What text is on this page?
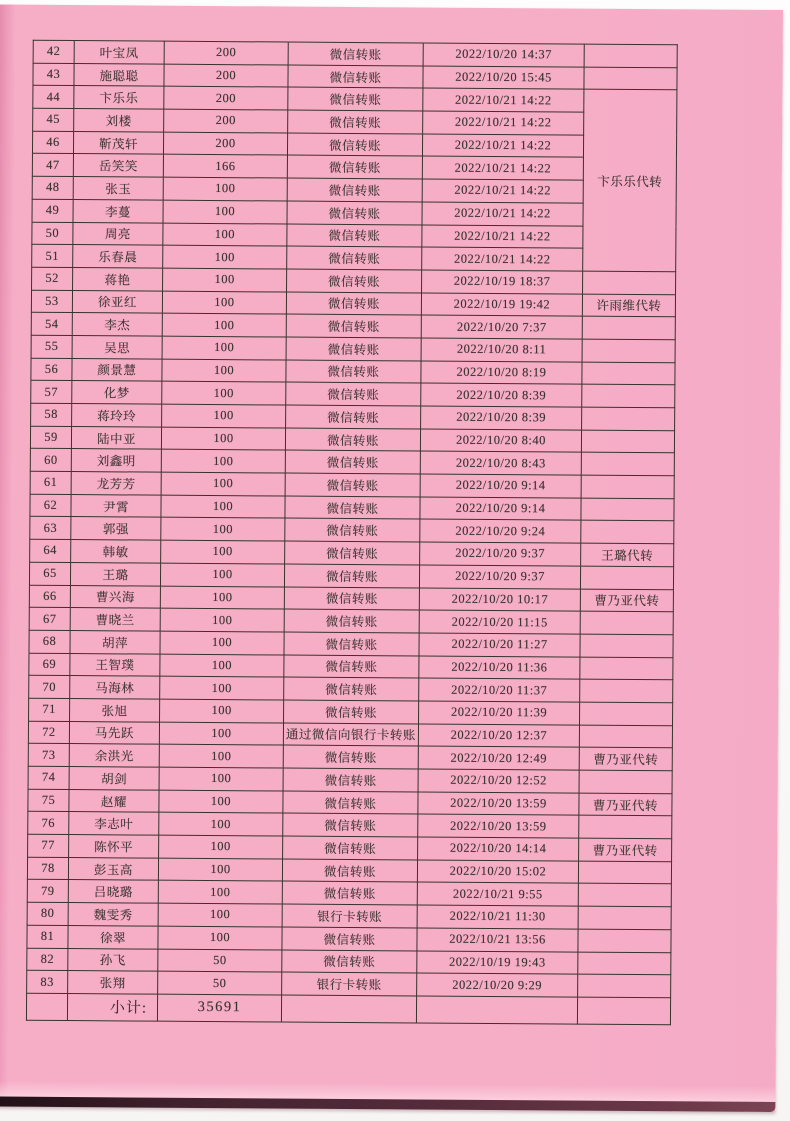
42	叶宝凤	200	微信转账	2022/10/20 14:37	
43	施聪聪	200	微信转账	2022/10/20 15:45	
44	卞乐乐	200	微信转账	2022/10/21 14:22	卞乐乐代转
45	刘楼	200	微信转账	2022/10/21 14:22	
46	靳茂轩	200	微信转账	2022/10/21 14:22	
47	岳笑笑	166	微信转账	2022/10/21 14:22	
48	张玉	100	微信转账	2022/10/21 14:22	
49	李蔓	100	微信转账	2022/10/21 14:22	
50	周亮	100	微信转账	2022/10/21 14:22	
51	乐春晨	100	微信转账	2022/10/21 14:22	
52	蒋艳	100	微信转账	2022/10/19 18:37	
53	徐亚红	100	微信转账	2022/10/19 19:42	许雨维代转
54	李杰	100	微信转账	2022/10/20 7:37	
55	吴思	100	微信转账	2022/10/20 8:11	
56	颜景慧	100	微信转账	2022/10/20 8:19	
57	化梦	100	微信转账	2022/10/20 8:39	
58	蒋玲玲	100	微信转账	2022/10/20 8:39	
59	陆中亚	100	微信转账	2022/10/20 8:40	
60	刘鑫明	100	微信转账	2022/10/20 8:43	
61	龙芳芳	100	微信转账	2022/10/20 9:14	
62	尹霄	100	微信转账	2022/10/20 9:14	
63	郭强	100	微信转账	2022/10/20 9:24	
64	韩敏	100	微信转账	2022/10/20 9:37	王璐代转
65	王璐	100	微信转账	2022/10/20 9:37	
66	曹兴海	100	微信转账	2022/10/20 10:17	曹乃亚代转
67	曹晓兰	100	微信转账	2022/10/20 11:15	
68	胡萍	100	微信转账	2022/10/20 11:27	
69	王智璞	100	微信转账	2022/10/20 11:36	
70	马海林	100	微信转账	2022/10/20 11:37	
71	张旭	100	微信转账	2022/10/20 11:39	
72	马先跃	100	通过微信向银行卡转账	2022/10/20 12:37	
73	余洪光	100	微信转账	2022/10/20 12:49	曹乃亚代转
74	胡剑	100	微信转账	2022/10/20 12:52	
75	赵耀	100	微信转账	2022/10/20 13:59	曹乃亚代转
76	李志叶	100	微信转账	2022/10/20 13:59	
77	陈怀平	100	微信转账	2022/10/20 14:14	曹乃亚代转
78	彭玉高	100	微信转账	2022/10/20 15:02	
79	吕晓璐	100	微信转账	2022/10/21 9:55	
80	魏雯秀	100	银行卡转账	2022/10/21 11:30	
81	徐翠	100	微信转账	2022/10/21 13:56	
82	孙飞	50	微信转账	2022/10/19 19:43	
83	张翔	50	银行卡转账	2022/10/20 9:29	
	小计:	35691			
